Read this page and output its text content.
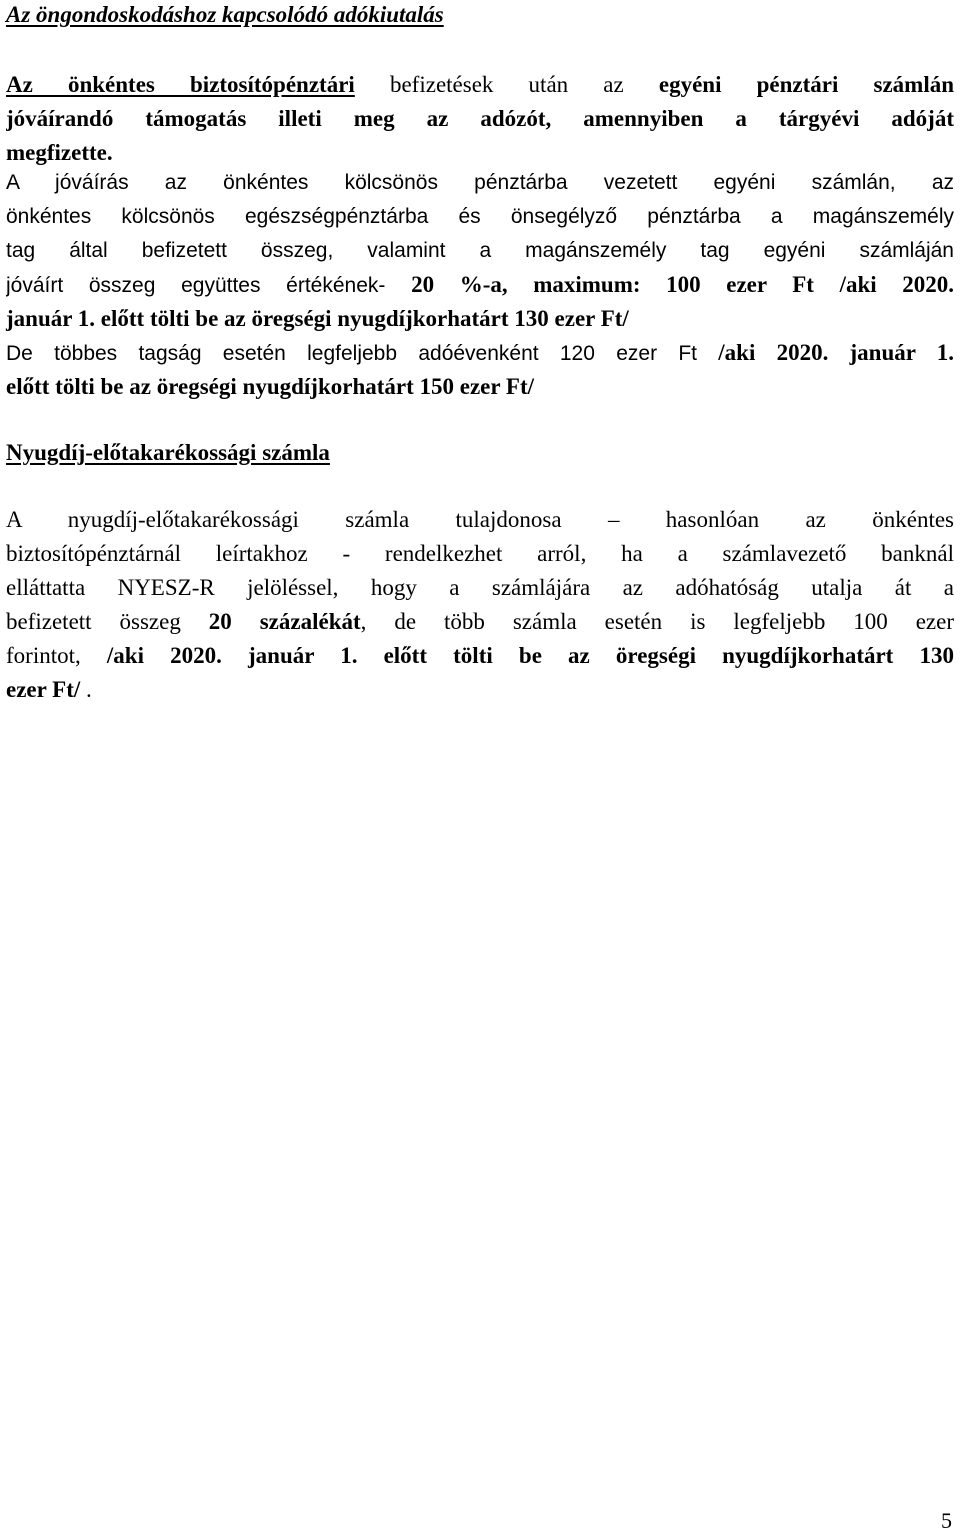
Az öngondoskodáshoz kapcsolódó adókiutalás
Az önkéntes biztosítópénztári befizetések után az egyéni pénztári számlán
jóváírandó támogatás illeti meg az adózót, amennyiben a tárgyévi adóját
megfizette.
A jóváírás az önkéntes kölcsönös pénztárba vezetett egyéni számlán, az
önkéntes kölcsönös egészségpénztárba és önsegélyző pénztárba a magánszemély
tag által befizetett összeg, valamint a magánszemély tag egyéni számláján
jóváírt összeg együttes értékének- 20 %-a, maximum: 100 ezer Ft /aki 2020.
január 1. előtt tölti be az öregségi nyugdíjkorhatárt 130 ezer Ft/
De többes tagság esetén legfeljebb adóévenként 120 ezer Ft /aki 2020. január 1.
előtt tölti be az öregségi nyugdíjkorhatárt 150 ezer Ft/
Nyugdíj-előtakarékossági számla
A nyugdíj-előtakarékossági számla tulajdonosa – hasonlóan az önkéntes
biztosítópénztárnál leírtakhoz - rendelkezhet arról, ha a számlavezető banknál
elláttatta NYESZ-R jelöléssel, hogy a számlájára az adóhatóság utalja át a
befizetett összeg 20 százalékát, de több számla esetén is legfeljebb 100 ezer
forintot, /aki 2020. január 1. előtt tölti be az öregségi nyugdíjkorhatárt 130
ezer Ft/ .
5
